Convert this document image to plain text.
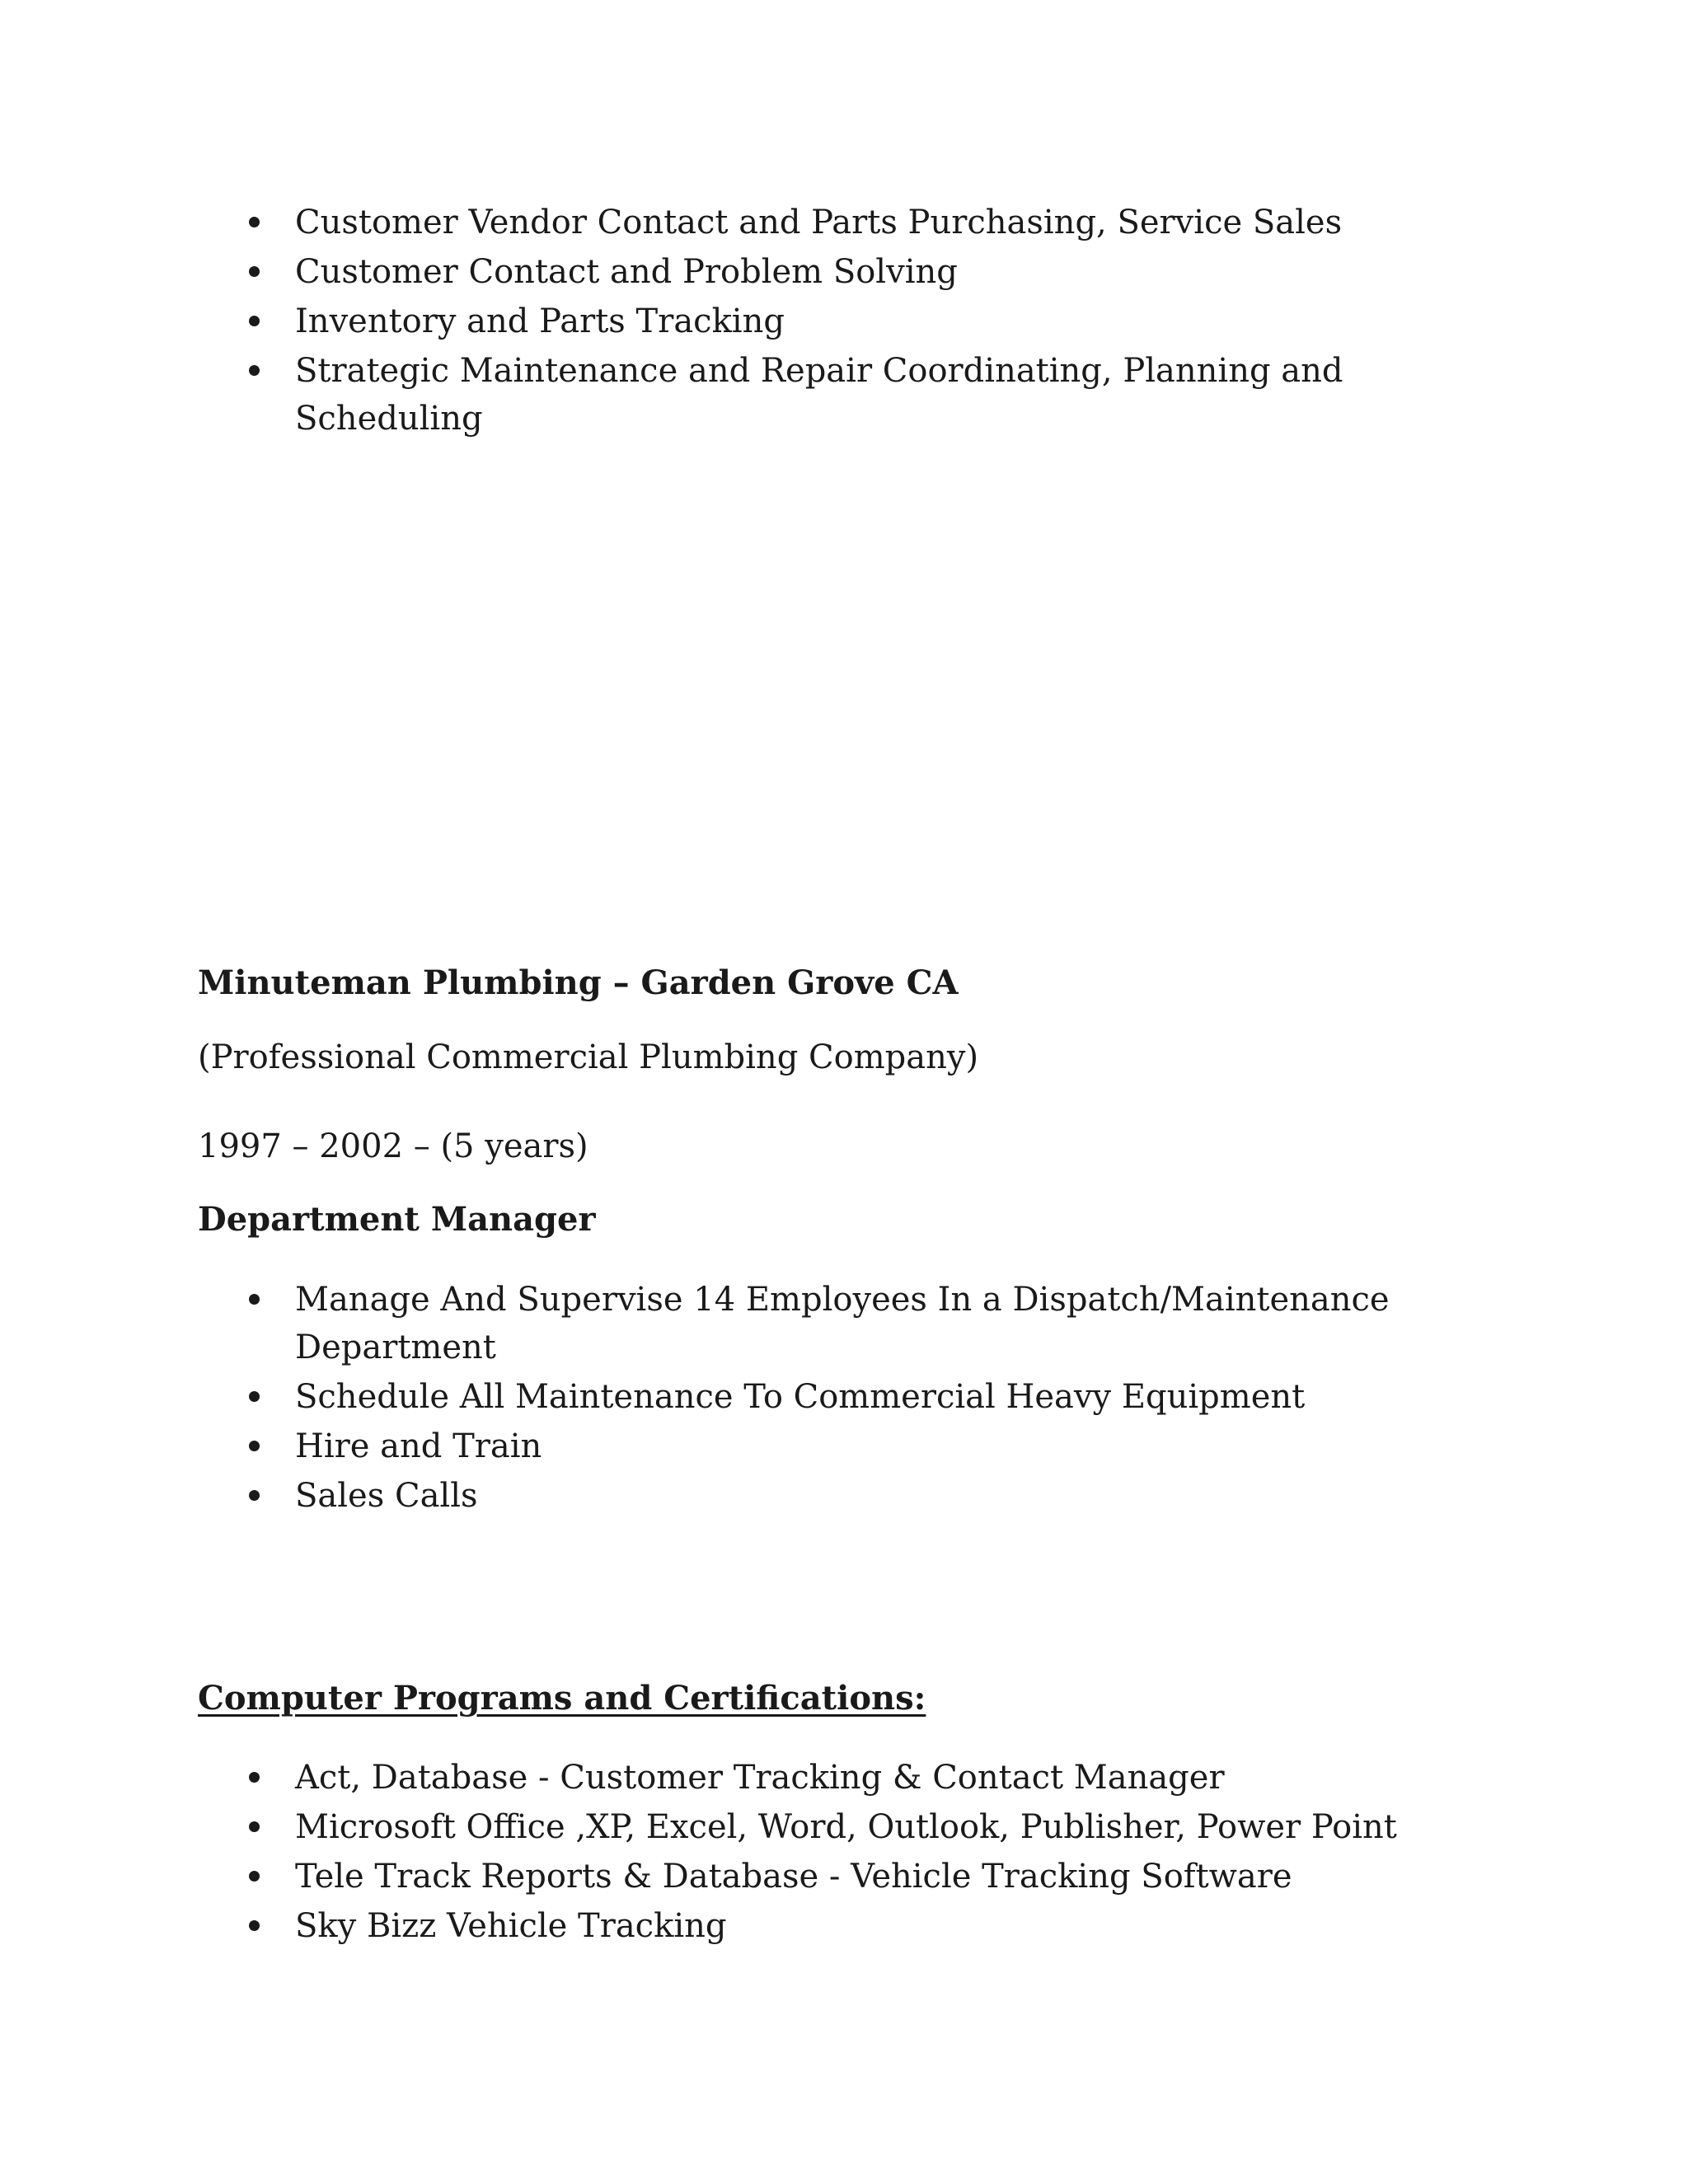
Customer Vendor Contact and Parts Purchasing, Service Sales
Customer Contact and Problem Solving
Inventory and Parts Tracking
Strategic Maintenance and Repair Coordinating, Planning and Scheduling
Minuteman Plumbing – Garden Grove CA
(Professional Commercial Plumbing Company)
1997 – 2002 – (5 years)
Department Manager
Manage And Supervise 14 Employees In a Dispatch/Maintenance Department
Schedule All Maintenance To Commercial Heavy Equipment
Hire and Train
Sales Calls
Computer Programs and Certifications:
Act, Database - Customer Tracking & Contact Manager
Microsoft Office ,XP, Excel, Word, Outlook, Publisher, Power Point
Tele Track Reports & Database - Vehicle Tracking Software
Sky Bizz Vehicle Tracking
